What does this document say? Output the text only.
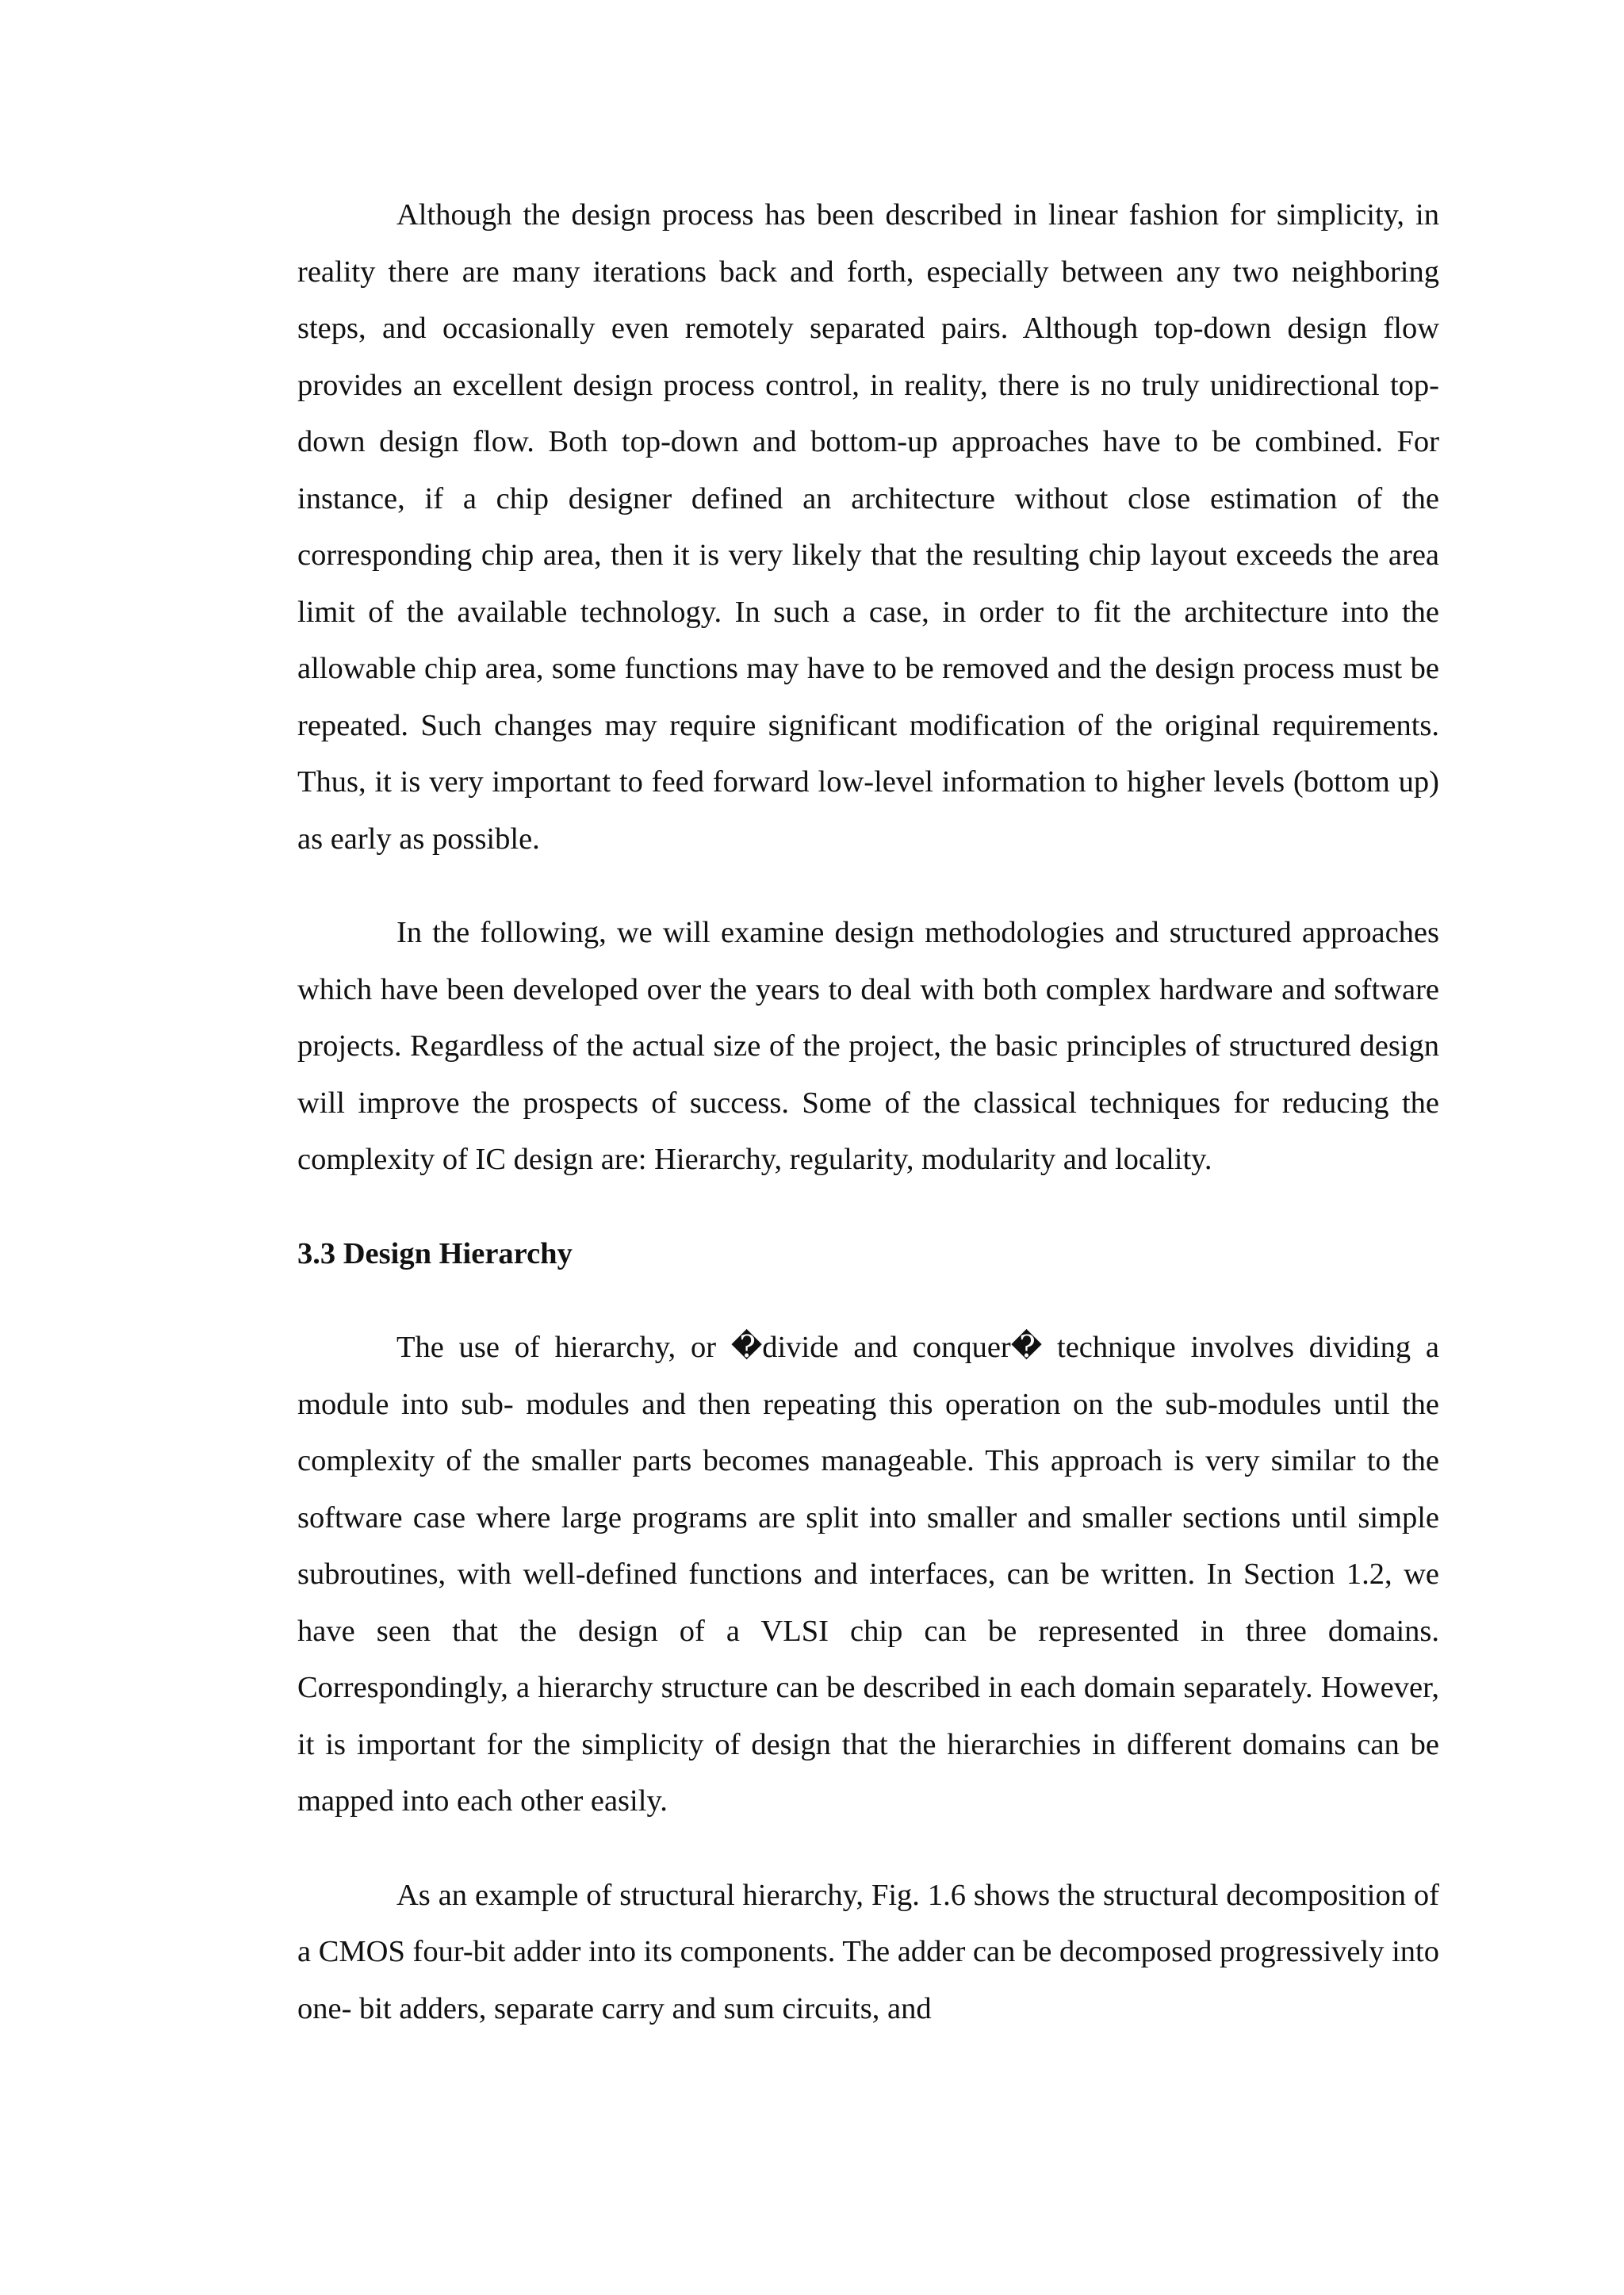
Although the design process has been described in linear fashion for simplicity, in reality there are many iterations back and forth, especially between any two neighboring steps, and occasionally even remotely separated pairs. Although top-down design flow provides an excellent design process control, in reality, there is no truly unidirectional top-down design flow. Both top-down and bottom-up approaches have to be combined. For instance, if a chip designer defined an architecture without close estimation of the corresponding chip area, then it is very likely that the resulting chip layout exceeds the area limit of the available technology. In such a case, in order to fit the architecture into the allowable chip area, some functions may have to be removed and the design process must be repeated. Such changes may require significant modification of the original requirements. Thus, it is very important to feed forward low-level information to higher levels (bottom up) as early as possible.

In the following, we will examine design methodologies and structured approaches which have been developed over the years to deal with both complex hardware and software projects. Regardless of the actual size of the project, the basic principles of structured design will improve the prospects of success. Some of the classical techniques for reducing the complexity of IC design are: Hierarchy, regularity, modularity and locality.

3.3 Design Hierarchy

The use of hierarchy, or �divide and conquer� technique involves dividing a module into sub- modules and then repeating this operation on the sub-modules until the complexity of the smaller parts becomes manageable. This approach is very similar to the software case where large programs are split into smaller and smaller sections until simple subroutines, with well-defined functions and interfaces, can be written. In Section 1.2, we have seen that the design of a VLSI chip can be represented in three domains. Correspondingly, a hierarchy structure can be described in each domain separately. However, it is important for the simplicity of design that the hierarchies in different domains can be mapped into each other easily.

As an example of structural hierarchy, Fig. 1.6 shows the structural decomposition of a CMOS four-bit adder into its components. The adder can be decomposed progressively into one- bit adders, separate carry and sum circuits, and
